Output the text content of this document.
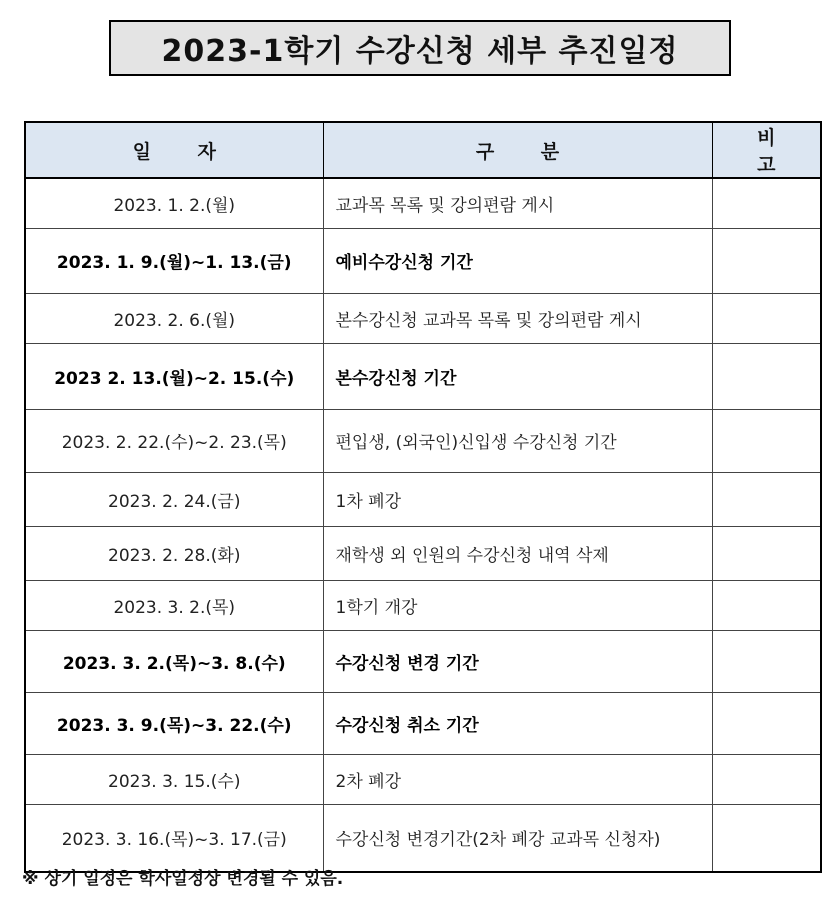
2023-1학기 수강신청 세부 추진일정
일 자	구 분	비 고
2023. 1. 2.(월)	교과목 목록 및 강의편람 게시	
2023. 1. 9.(월)~1. 13.(금)	예비수강신청 기간	
2023. 2. 6.(월)	본수강신청 교과목 목록 및 강의편람 게시	
2023 2. 13.(월)~2. 15.(수)	본수강신청 기간	
2023. 2. 22.(수)~2. 23.(목)	편입생, (외국인)신입생 수강신청 기간	
2023. 2. 24.(금)	1차 폐강	
2023. 2. 28.(화)	재학생 외 인원의 수강신청 내역 삭제	
2023. 3. 2.(목)	1학기 개강	
2023. 3. 2.(목)~3. 8.(수)	수강신청 변경 기간	
2023. 3. 9.(목)~3. 22.(수)	수강신청 취소 기간	
2023. 3. 15.(수)	2차 폐강	
2023. 3. 16.(목)~3. 17.(금)	수강신청 변경기간(2차 폐강 교과목 신청자)	
※ 상기 일정은 학사일정상 변경될 수 있음.
